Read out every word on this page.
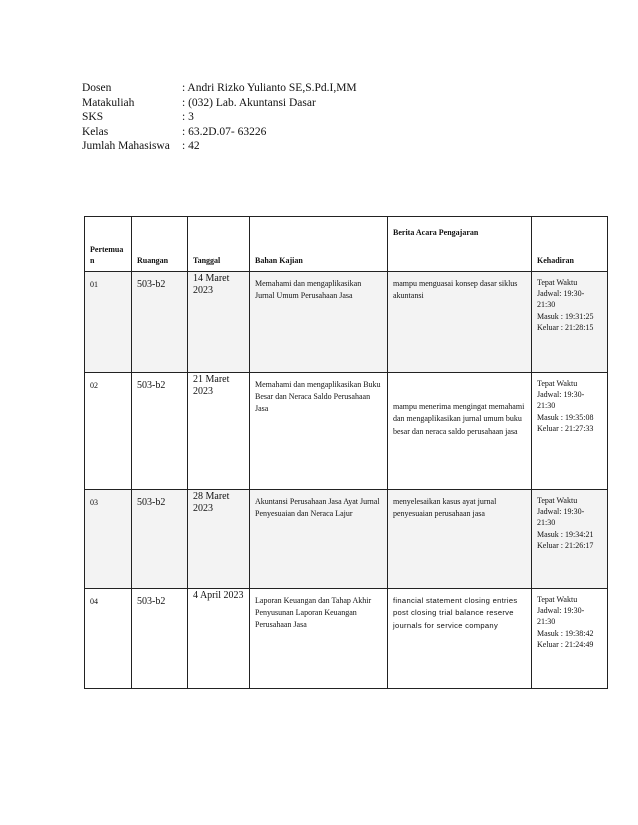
Dosen	: Andri Rizko Yulianto SE,S.Pd.I,MM
Matakuliah	: (032) Lab. Akuntansi Dasar
SKS	: 3
Kelas	: 63.2D.07- 63226
Jumlah Mahasiswa	: 42
Pertemuan	Ruangan	Tanggal	Bahan Kajian	Berita Acara Pengajaran	Kehadiran
01	503-b2	14 Maret 2023	Memahami dan mengaplikasikan Jurnal Umum Perusahaan Jasa	mampu menguasai konsep dasar siklus akuntansi	Tepat Waktu
Jadwal: 19:30-21:30
Masuk : 19:31:25
Keluar : 21:28:15

02	503-b2	21 Maret 2023	Memahami dan mengaplikasikan Buku Besar dan Neraca Saldo Perusahaan Jasa	mampu menerima mengingat memahami dan mengaplikasikan jurnal umum buku besar dan neraca saldo perusahaan jasa	Tepat Waktu
Jadwal: 19:30-21:30
Masuk : 19:35:08
Keluar : 21:27:33

03	503-b2	28 Maret 2023	Akuntansi Perusahaan Jasa Ayat Jurnal Penyesuaian dan Neraca Lajur	menyelesaikan kasus ayat jurnal penyesuaian perusahaan jasa	Tepat Waktu
Jadwal: 19:30-21:30
Masuk : 19:34:21
Keluar : 21:26:17

04	503-b2	4 April 2023	Laporan Keuangan dan Tahap Akhir Penyusunan Laporan Keuangan Perusahaan Jasa	financial statement closing entries post closing trial balance reserve journals for service company	Tepat Waktu
Jadwal: 19:30-21:30
Masuk : 19:38:42
Keluar : 21:24:49
